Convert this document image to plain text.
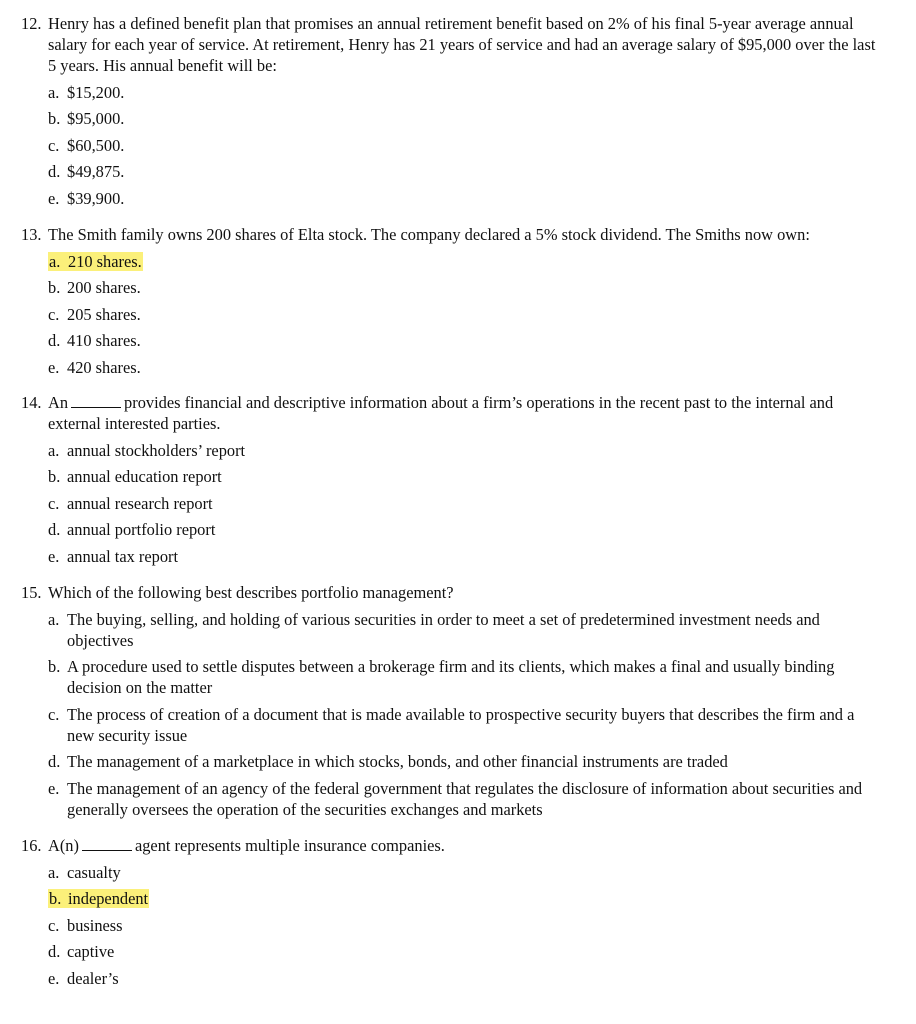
12. Henry has a defined benefit plan that promises an annual retirement benefit based on 2% of his final 5-year average annual salary for each year of service. At retirement, Henry has 21 years of service and had an average salary of $95,000 over the last 5 years. His annual benefit will be:

a. $15,200.
b. $95,000.
c. $60,500.
d. $49,875.
e. $39,900.

13. The Smith family owns 200 shares of Elta stock. The company declared a 5% stock dividend. The Smiths now own:

a. 210 shares.
b. 200 shares.
c. 205 shares.
d. 410 shares.
e. 420 shares.

14. An	provides financial and descriptive information about a firm’s operations in the recent past to the internal and external interested parties.

a. annual stockholders’ report
b. annual education report
c. annual research report
d. annual portfolio report
e. annual tax report

15. Which of the following best describes portfolio management?

a. The buying, selling, and holding of various securities in order to meet a set of predetermined investment needs and objectives
b. A procedure used to settle disputes between a brokerage firm and its clients, which makes a final and usually binding decision on the matter
c. The process of creation of a document that is made available to prospective security buyers that describes the firm and a new security issue
d. The management of a marketplace in which stocks, bonds, and other financial instruments are traded
e. The management of an agency of the federal government that regulates the disclosure of information about securities and generally oversees the operation of the securities exchanges and markets

16. A(n)	agent represents multiple insurance companies.

a. casualty
b. independent
c. business
d. captive
e. dealer’s
